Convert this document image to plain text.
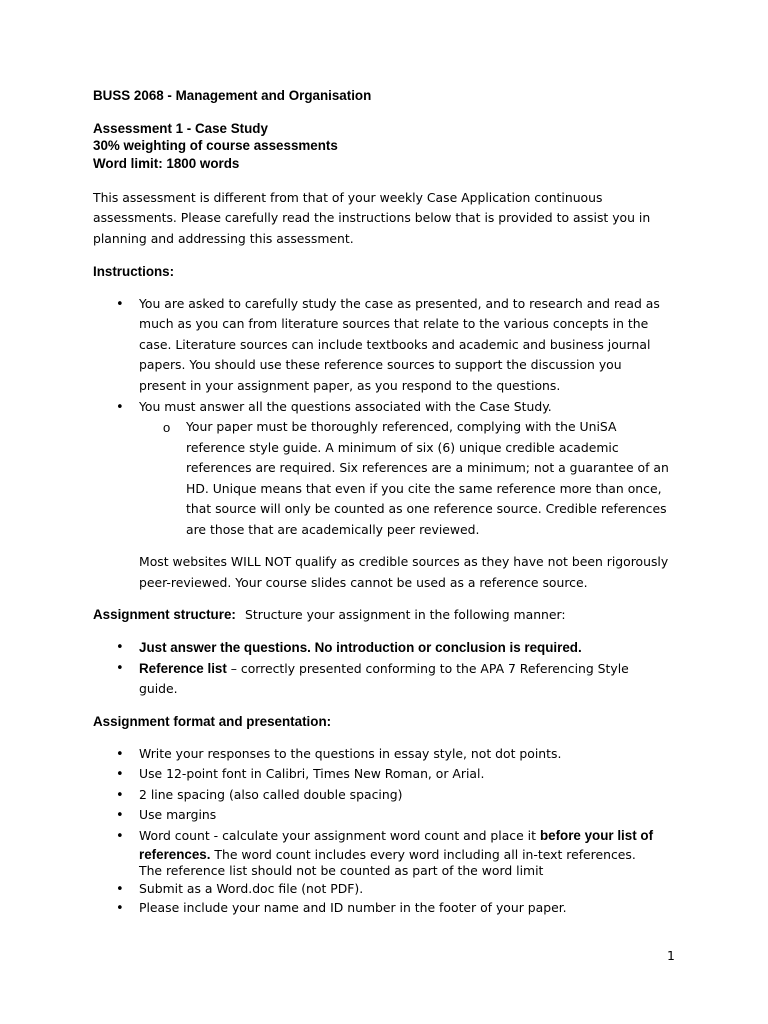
BUSS 2068 - Management and Organisation
Assessment 1 - Case Study
30% weighting of course assessments
Word limit: 1800 words
This assessment is different from that of your weekly Case Application continuous
assessments. Please carefully read the instructions below that is provided to assist you in
planning and addressing this assessment.
Instructions:
• You are asked to carefully study the case as presented, and to research and read as
much as you can from literature sources that relate to the various concepts in the
case. Literature sources can include textbooks and academic and business journal
papers. You should use these reference sources to support the discussion you
present in your assignment paper, as you respond to the questions.
• You must answer all the questions associated with the Case Study.
o Your paper must be thoroughly referenced, complying with the UniSA
reference style guide. A minimum of six (6) unique credible academic
references are required. Six references are a minimum; not a guarantee of an
HD. Unique means that even if you cite the same reference more than once,
that source will only be counted as one reference source. Credible references
are those that are academically peer reviewed.
Most websites WILL NOT qualify as credible sources as they have not been rigorously
peer-reviewed. Your course slides cannot be used as a reference source.
Assignment structure: Structure your assignment in the following manner:
• Just answer the questions. No introduction or conclusion is required.
• Reference list – correctly presented conforming to the APA 7 Referencing Style
guide.
Assignment format and presentation:
• Write your responses to the questions in essay style, not dot points.
• Use 12-point font in Calibri, Times New Roman, or Arial.
• 2 line spacing (also called double spacing)
• Use margins
• Word count - calculate your assignment word count and place it before your list of
references. The word count includes every word including all in-text references.
The reference list should not be counted as part of the word limit
• Submit as a Word.doc file (not PDF).
• Please include your name and ID number in the footer of your paper.
1
